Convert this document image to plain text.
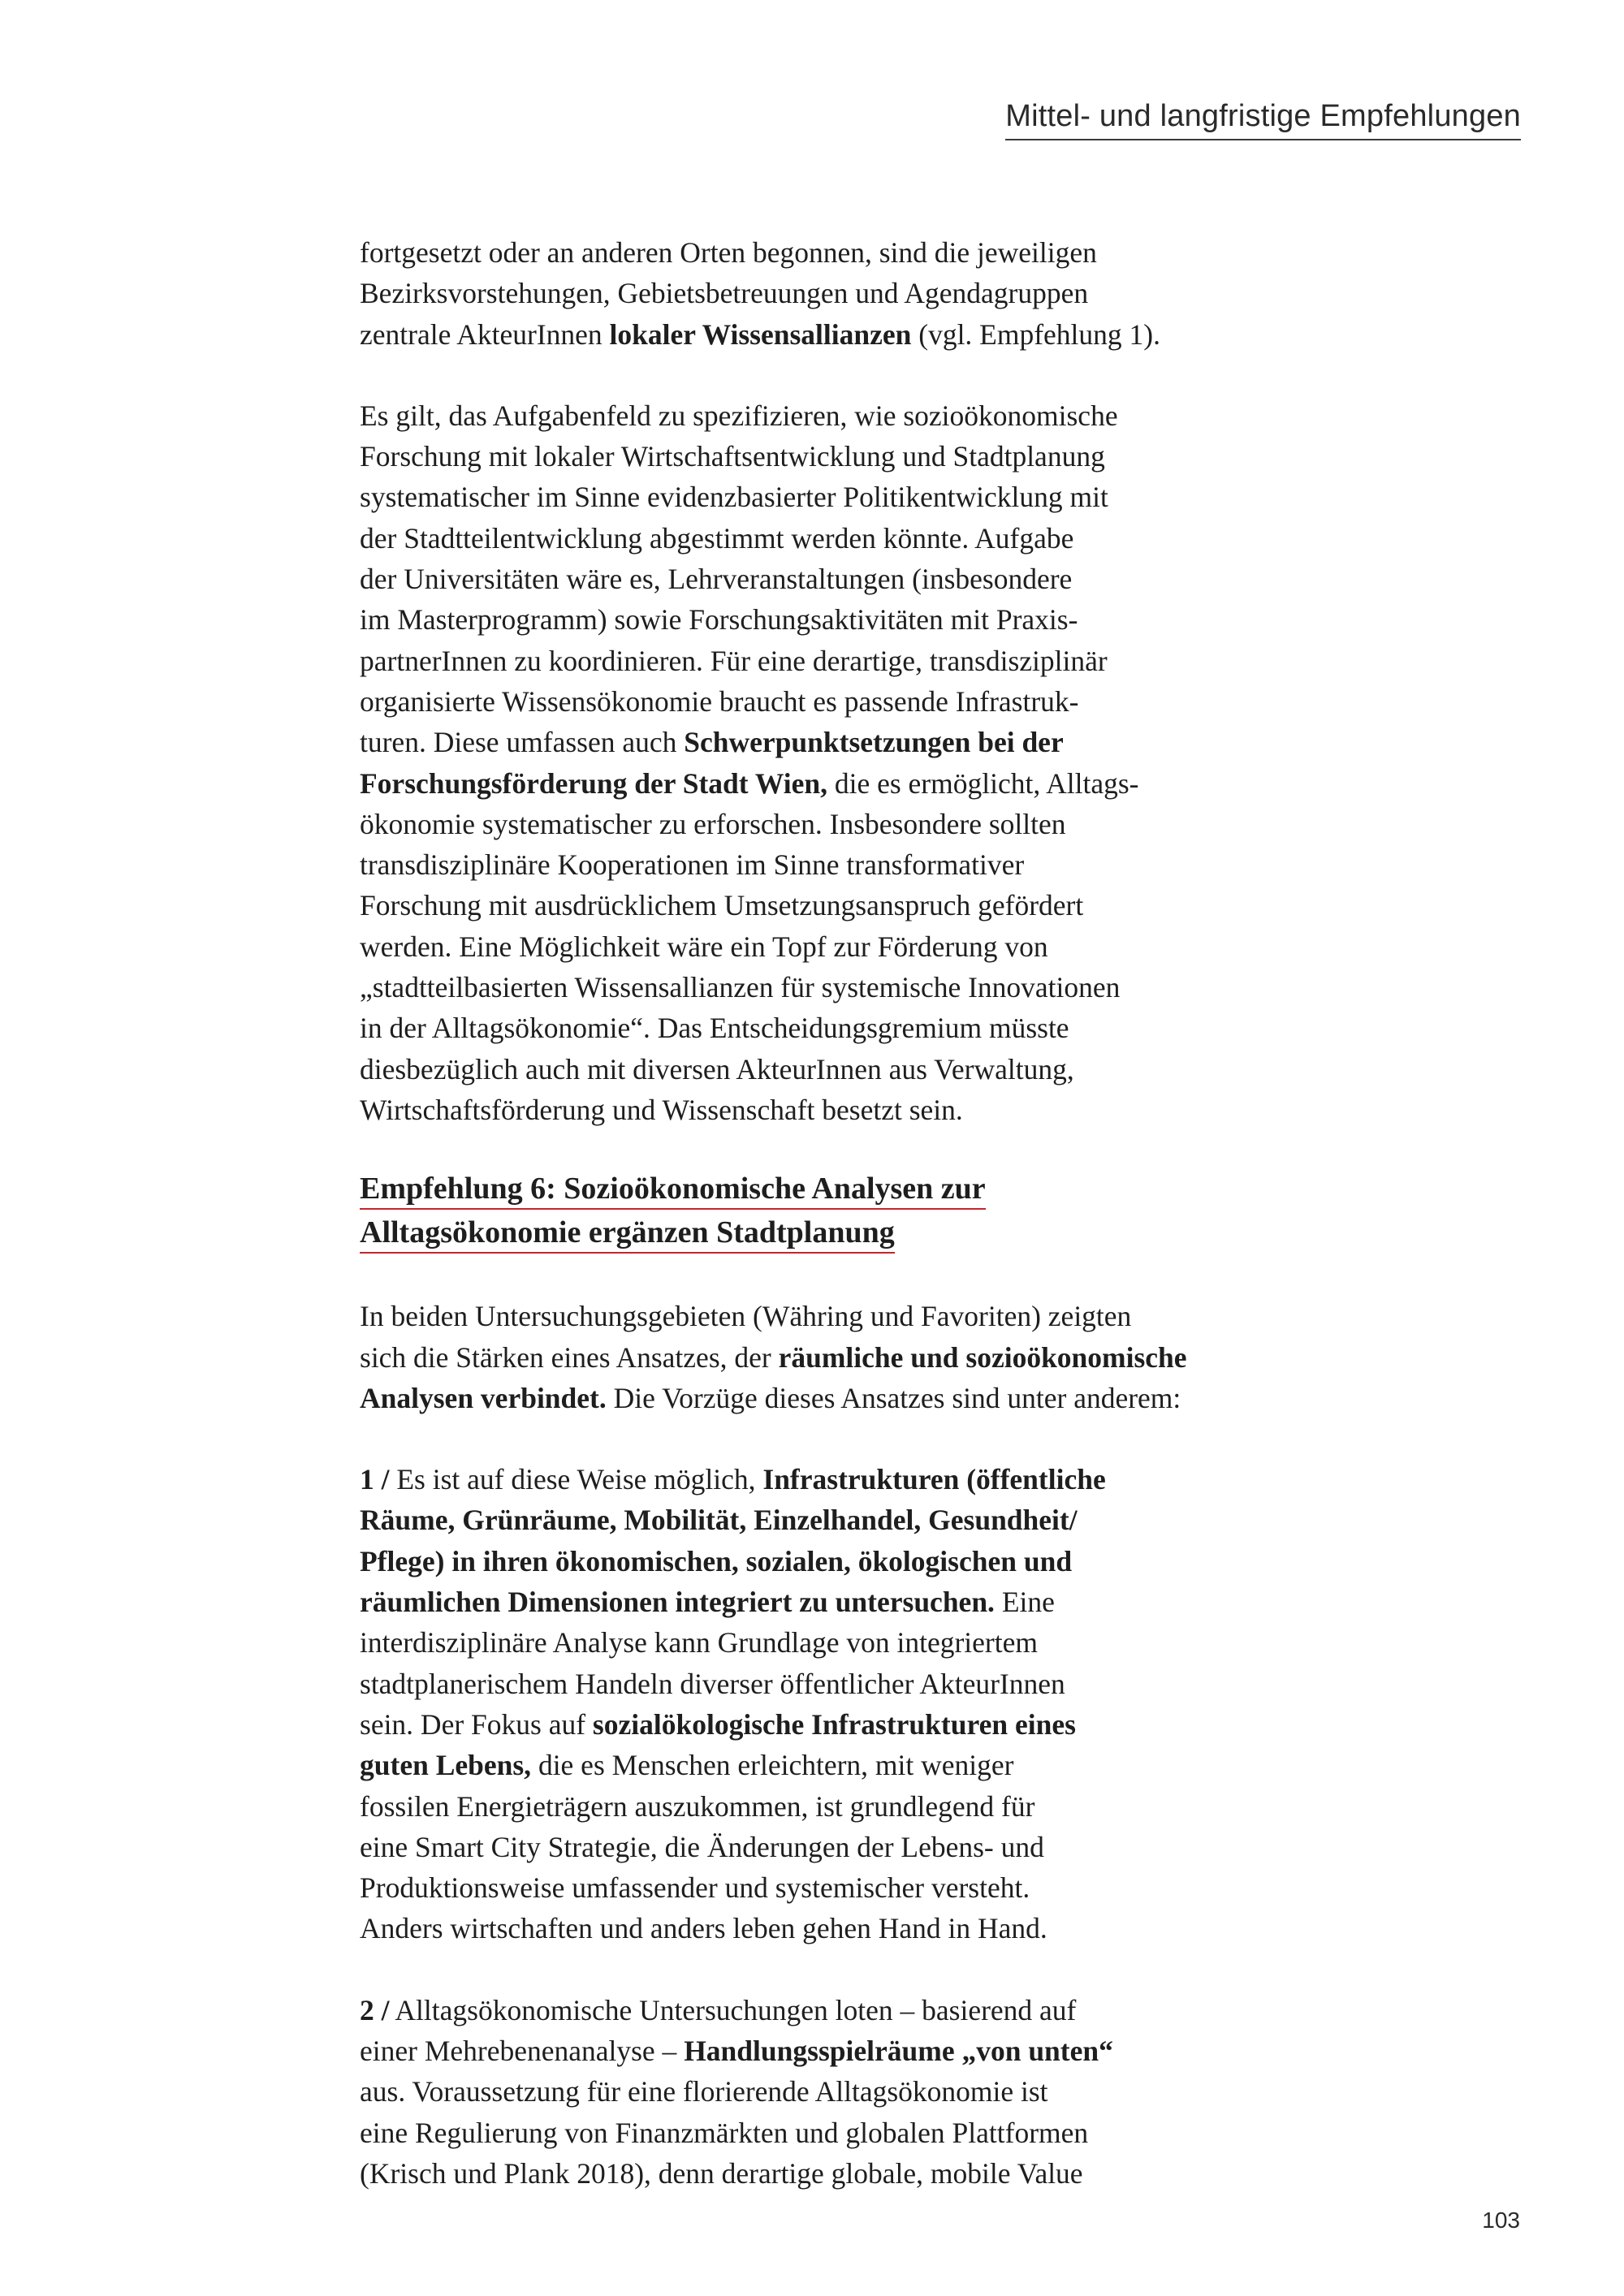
Mittel- und langfristige Empfehlungen
fortgesetzt oder an anderen Orten begonnen, sind die jeweiligen
Bezirksvorstehungen, Gebietsbetreuungen und Agendagruppen
zentrale AkteurInnen lokaler Wissensallianzen (vgl. Empfehlung 1).
Es gilt, das Aufgabenfeld zu spezifizieren, wie sozioökonomische
Forschung mit lokaler Wirtschaftsentwicklung und Stadtplanung
systematischer im Sinne evidenzbasierter Politikentwicklung mit
der Stadtteilentwicklung abgestimmt werden könnte. Aufgabe
der Universitäten wäre es, Lehrveranstaltungen (insbesondere
im Masterprogramm) sowie Forschungsaktivitäten mit Praxis-
partnerInnen zu koordinieren. Für eine derartige, transdisziplinär
organisierte Wissensökonomie braucht es passende Infrastruk-
turen. Diese umfassen auch Schwerpunktsetzungen bei der
Forschungsförderung der Stadt Wien, die es ermöglicht, Alltags-
ökonomie systematischer zu erforschen. Insbesondere sollten
transdisziplinäre Kooperationen im Sinne transformativer
Forschung mit ausdrücklichem Umsetzungsanspruch gefördert
werden. Eine Möglichkeit wäre ein Topf zur Förderung von
„stadtteilbasierten Wissensallianzen für systemische Innovationen
in der Alltagsökonomie“. Das Entscheidungsgremium müsste
diesbezüglich auch mit diversen AkteurInnen aus Verwaltung,
Wirtschaftsförderung und Wissenschaft besetzt sein.
Empfehlung 6: Sozioökonomische Analysen zur
Alltagsökonomie ergänzen Stadtplanung
In beiden Untersuchungsgebieten (Währing und Favoriten) zeigten
sich die Stärken eines Ansatzes, der räumliche und sozioökonomische
Analysen verbindet. Die Vorzüge dieses Ansatzes sind unter anderem:
1 / Es ist auf diese Weise möglich, Infrastrukturen (öffentliche
Räume, Grünräume, Mobilität, Einzelhandel, Gesundheit/
Pflege) in ihren ökonomischen, sozialen, ökologischen und
räumlichen Dimensionen integriert zu untersuchen. Eine
interdisziplinäre Analyse kann Grundlage von integriertem
stadtplanerischem Handeln diverser öffentlicher AkteurInnen
sein. Der Fokus auf sozialökologische Infrastrukturen eines
guten Lebens, die es Menschen erleichtern, mit weniger
fossilen Energieträgern auszukommen, ist grundlegend für
eine Smart City Strategie, die Änderungen der Lebens- und
Produktionsweise umfassender und systemischer versteht.
Anders wirtschaften und anders leben gehen Hand in Hand.
2 / Alltagsökonomische Untersuchungen loten – basierend auf
einer Mehrebenenanalyse – Handlungsspielräume „von unten“
aus. Voraussetzung für eine florierende Alltagsökonomie ist
eine Regulierung von Finanzmärkten und globalen Plattformen
(Krisch und Plank 2018), denn derartige globale, mobile Value
103
